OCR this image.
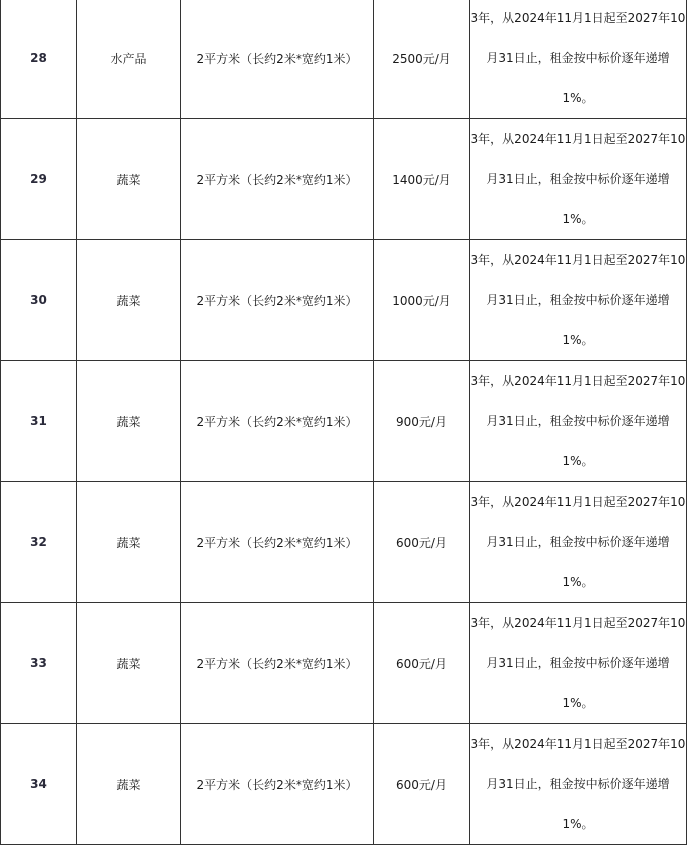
28	水产品	2平方米（长约2米*宽约1米）	2500元/月	3年，从2024年11月1日起至2027年10
月31日止，租金按中标价逐年递增
1%。

29	蔬菜	2平方米（长约2米*宽约1米）	1400元/月	3年，从2024年11月1日起至2027年10
月31日止，租金按中标价逐年递增
1%。

30	蔬菜	2平方米（长约2米*宽约1米）	1000元/月	3年，从2024年11月1日起至2027年10
月31日止，租金按中标价逐年递增
1%。

31	蔬菜	2平方米（长约2米*宽约1米）	900元/月	3年，从2024年11月1日起至2027年10
月31日止，租金按中标价逐年递增
1%。

32	蔬菜	2平方米（长约2米*宽约1米）	600元/月	3年，从2024年11月1日起至2027年10
月31日止，租金按中标价逐年递增
1%。

33	蔬菜	2平方米（长约2米*宽约1米）	600元/月	3年，从2024年11月1日起至2027年10
月31日止，租金按中标价逐年递增
1%。

34	蔬菜	2平方米（长约2米*宽约1米）	600元/月	3年，从2024年11月1日起至2027年10
月31日止，租金按中标价逐年递增
1%。
